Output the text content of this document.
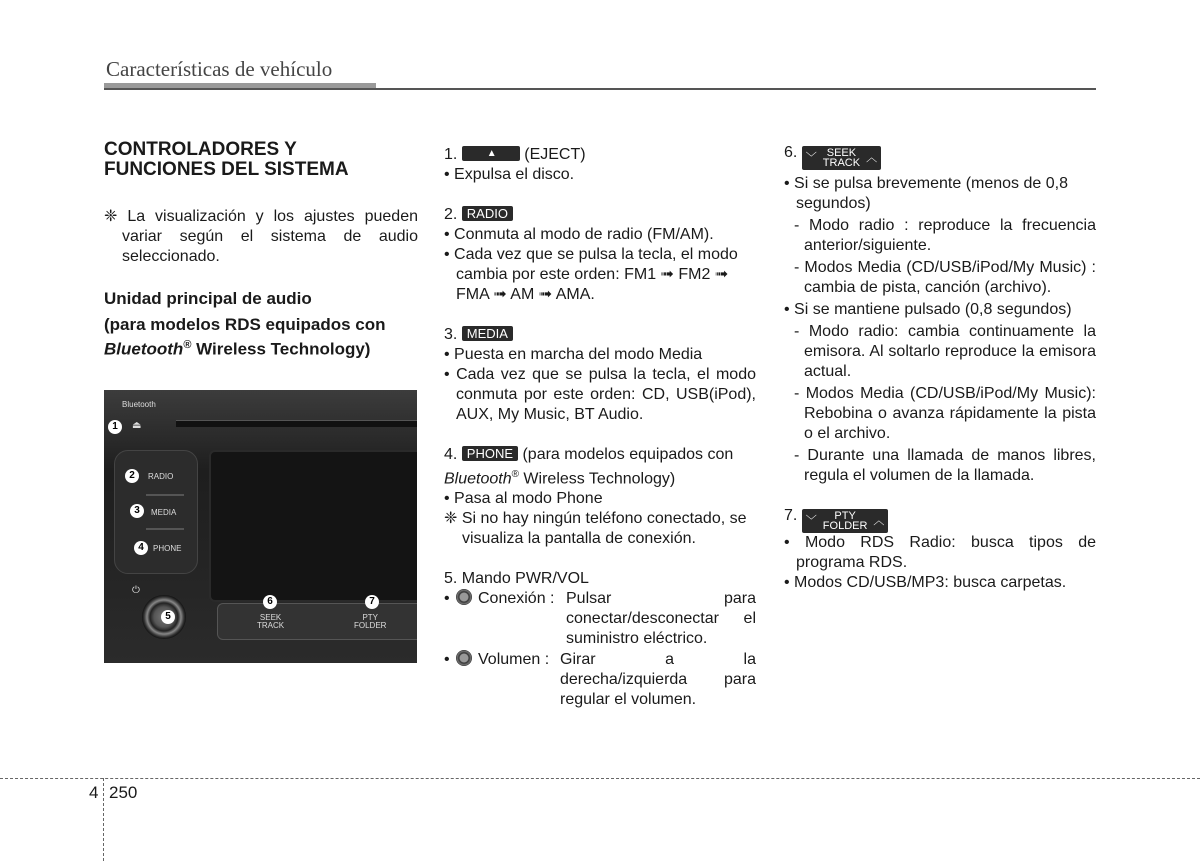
Características de vehículo
CONTROLADORES Y
FUNCIONES DEL SISTEMA
❈ La visualización y los ajustes pueden variar según el sistema de audio seleccionado.
Unidad principal de audio
(para modelos RDS equipados con Bluetooth® Wireless Technology)
Bluetooth
1	⏏
2	RADIO
3	MEDIA
4	PHONE
⏻
5
6
SEEK
TRACK
7
PTY
FOLDER
1.	▲ (EJECT)
• Expulsa el disco.
2. RADIO
• Conmuta al modo de radio (FM/AM).
• Cada vez que se pulsa la tecla, el modo cambia por este orden: FM1 ➟ FM2 ➟ FMA ➟ AM ➟ AMA.
3. MEDIA
• Puesta en marcha del modo Media
• Cada vez que se pulsa la tecla, el modo conmuta por este orden: CD, USB(iPod), AUX, My Music, BT Audio.
4. PHONE (para modelos equipados con
Bluetooth® Wireless Technology)
• Pasa al modo Phone
❈ Si no hay ningún teléfono conectado, se visualiza la pantalla de conexión.
5. Mando PWR/VOL
•	Conexión : Pulsar para conectar/desconectar el suministro eléctrico.
•	Volumen : Girar a la derecha/izquierda para regular el volumen.
6. ﹀ SEEK
TRACK ︿
• Si se pulsa brevemente (menos de 0,8 segundos)
- Modo radio : reproduce la frecuencia anterior/siguiente.
- Modos Media (CD/USB/iPod/My Music) : cambia de pista, canción (archivo).
• Si se mantiene pulsado (0,8 segundos)
- Modo radio: cambia continuamente la emisora. Al soltarlo reproduce la emisora actual.
- Modos Media (CD/USB/iPod/My Music): Rebobina o avanza rápidamente la pista o el archivo.
- Durante una llamada de manos libres, regula el volumen de la llamada.
7. ﹀	PTY
FOLDER ︿
• Modo RDS Radio: busca tipos de programa RDS.
• Modos CD/USB/MP3: busca carpetas.
4 250
